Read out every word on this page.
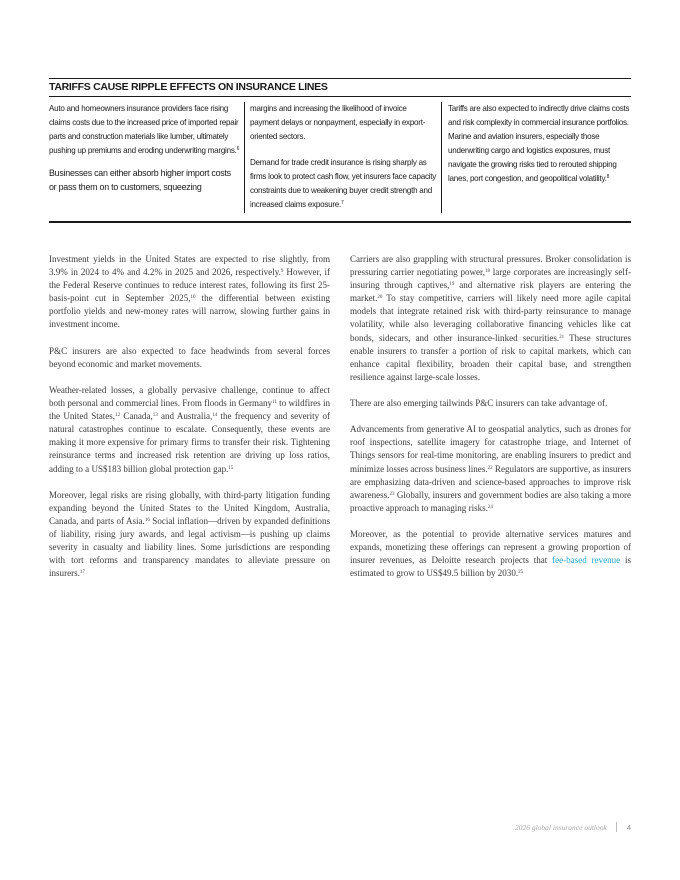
TARIFFS CAUSE RIPPLE EFFECTS ON INSURANCE LINES

Auto and homeowners insurance providers face rising claims costs due to the increased price of imported repair parts and construction materials like lumber, ultimately pushing up premiums and eroding underwriting margins.$^6$

Businesses can either absorb higher import costs or pass them on to customers, squeezing

margins and increasing the likelihood of invoice payment delays or nonpayment, especially in export-oriented sectors.

Demand for trade credit insurance is rising sharply as firms look to protect cash flow, yet insurers face capacity constraints due to weakening buyer credit strength and increased claims exposure.$^7$

Tariffs are also expected to indirectly drive claims costs and risk complexity in commercial insurance portfolios. Marine and aviation insurers, especially those underwriting cargo and logistics exposures, must navigate the growing risks tied to rerouted shipping lanes, port congestion, and geopolitical volatility.$^8$

Investment yields in the United States are expected to rise slightly, from 3.9% in 2024 to 4% and 4.2% in 2025 and 2026, respectively.$^9$ However, if the Federal Reserve continues to reduce interest rates, following its first 25-basis-point cut in September 2025,10 the differential between existing portfolio yields and new-money rates will narrow, slowing further gains in investment income.

P&C insurers are also expected to face headwinds from several forces beyond economic and market movements.

Weather-related losses, a globally pervasive challenge, continue to affect both personal and commercial lines. From floods in Germany$^{11}$ to wildfires in the United States,$^{12}$ Canada,$^{13}$ and Australia,$^{14}$ the frequency and severity of natural catastrophes continue to escalate. Consequently, these events are making it more expensive for primary firms to transfer their risk. Tightening reinsurance terms and increased risk retention are driving up loss ratios, adding to a US$183 billion global protection gap.$^{15}$

Moreover, legal risks are rising globally, with third-party litigation funding expanding beyond the United States to the United Kingdom, Australia, Canada, and parts of Asia.$^{16}$ Social inflation—driven by expanded definitions of liability, rising jury awards, and legal activism—is pushing up claims severity in casualty and liability lines. Some jurisdictions are responding with tort reforms and transparency mandates to alleviate pressure on insurers.$^{17}$

Carriers are also grappling with structural pressures. Broker consolidation is pressuring carrier negotiating power,$^{18}$ large corporates are increasingly self-insuring through captives,$^{19}$ and alternative risk players are entering the market.$^{20}$ To stay competitive, carriers will likely need more agile capital models that integrate retained risk with third-party reinsurance to manage volatility, while also leveraging collaborative financing vehicles like cat bonds, sidecars, and other insurance-linked securities.$^{21}$ These structures enable insurers to transfer a portion of risk to capital markets, which can enhance capital flexibility, broaden their capital base, and strengthen resilience against large-scale losses.

There are also emerging tailwinds P&C insurers can take advantage of.

Advancements from generative AI to geospatial analytics, such as drones for roof inspections, satellite imagery for catastrophe triage, and Internet of Things sensors for real-time monitoring, are enabling insurers to predict and minimize losses across business lines.$^{22}$ Regulators are supportive, as insurers are emphasizing data-driven and science-based approaches to improve risk awareness.$^{23}$ Globally, insurers and government bodies are also taking a more proactive approach to managing risks.$^{24}$

Moreover, as the potential to provide alternative services matures and expands, monetizing these offerings can represent a growing proportion of insurer revenues, as Deloitte research projects that fee-based revenue is estimated to grow to US$49.5 billion by 2030.25

2026 global insurance outlook	4
